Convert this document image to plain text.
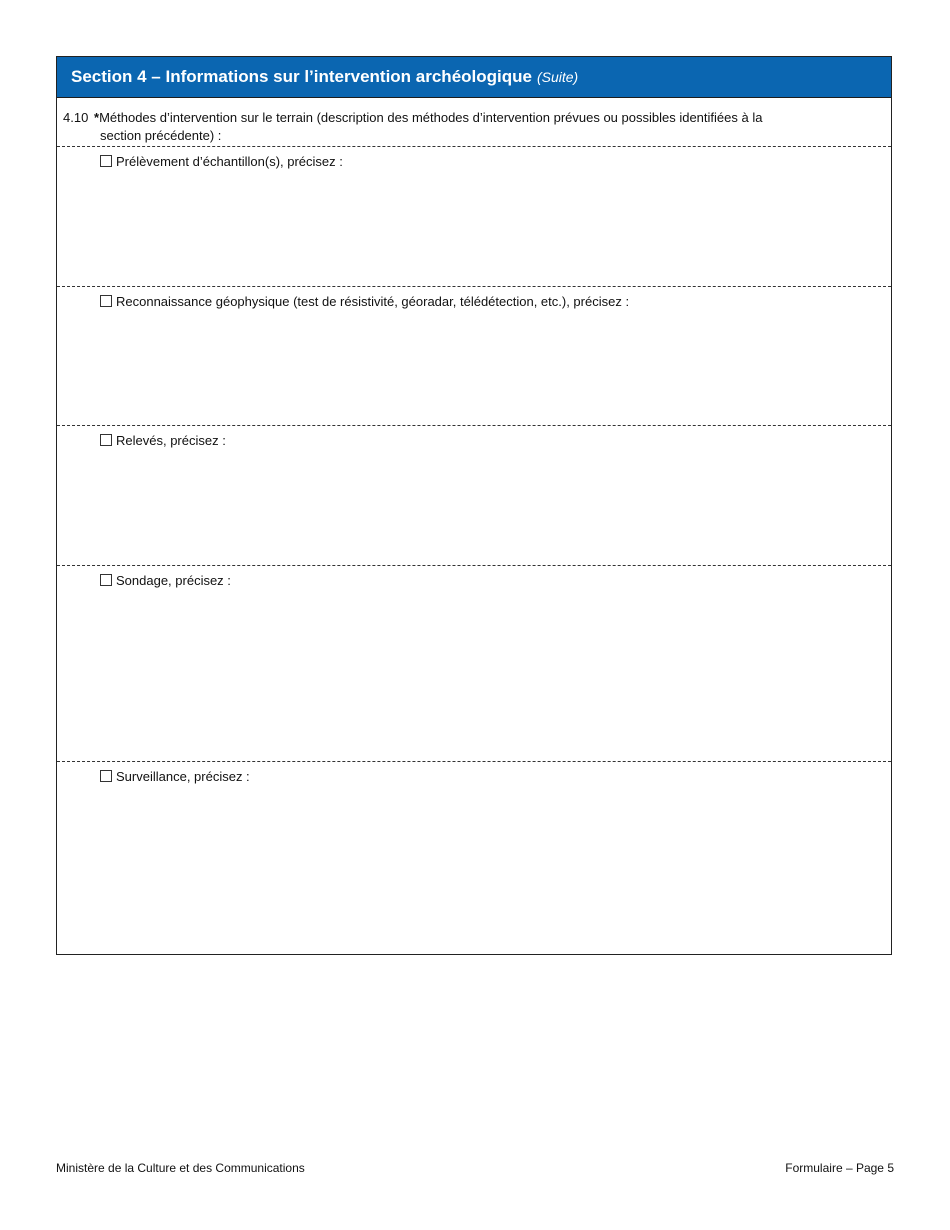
Section 4 – Informations sur l’intervention archéologique (Suite)
4.10 *Méthodes d’intervention sur le terrain (description des méthodes d’intervention prévues ou possibles identifiées à la
section précédente) :
Prélèvement d’échantillon(s), précisez :
Reconnaissance géophysique (test de résistivité, géoradar, télédétection, etc.), précisez :
Relevés, précisez :
Sondage, précisez :
Surveillance, précisez :
Ministère de la Culture et des Communications	Formulaire – Page 5
